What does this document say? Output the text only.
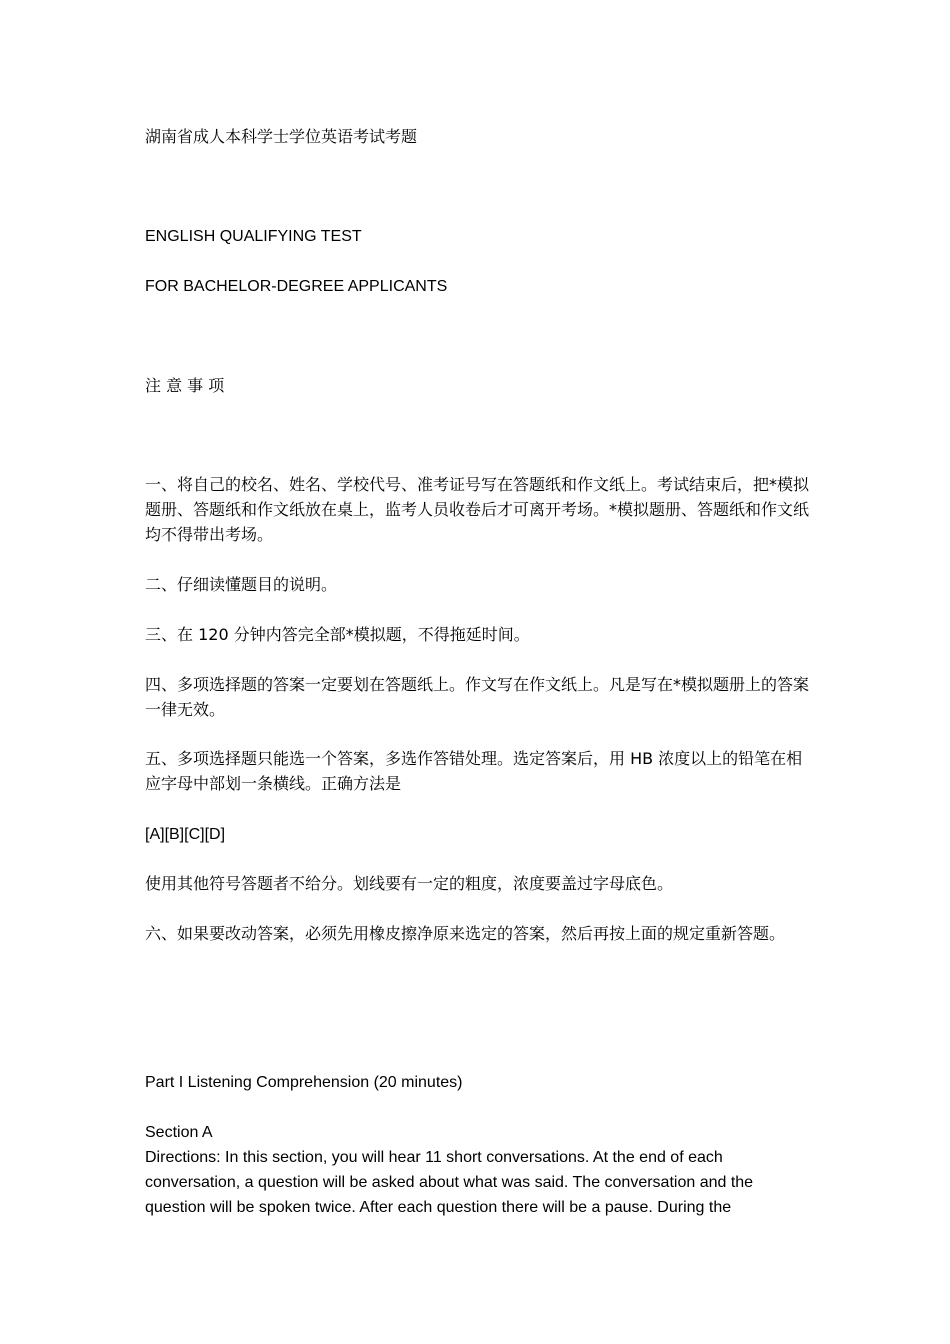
湖南省成人本科学士学位英语考试考题
ENGLISH QUALIFYING TEST
FOR BACHELOR-DEGREE APPLICANTS
注 意 事 项
一、将自己的校名、姓名、学校代号、准考证号写在答题纸和作文纸上。考试结束后，把*模拟题册、答题纸和作文纸放在桌上，监考人员收卷后才可离开考场。*模拟题册、答题纸和作文纸均不得带出考场。
二、仔细读懂题目的说明。
三、在 120 分钟内答完全部*模拟题，不得拖延时间。
四、多项选择题的答案一定要划在答题纸上。作文写在作文纸上。凡是写在*模拟题册上的答案一律无效。
五、多项选择题只能选一个答案，多选作答错处理。选定答案后，用 HB 浓度以上的铅笔在相应字母中部划一条横线。正确方法是
[A][B][C][D]
使用其他符号答题者不给分。划线要有一定的粗度，浓度要盖过字母底色。
六、如果要改动答案，必须先用橡皮擦净原来选定的答案，然后再按上面的规定重新答题。
Part I Listening Comprehension (20 minutes)
Section A
Directions: In this section, you will hear 11 short conversations. At the end of each conversation, a question will be asked about what was said. The conversation and the question will be spoken twice. After each question there will be a pause. During the
